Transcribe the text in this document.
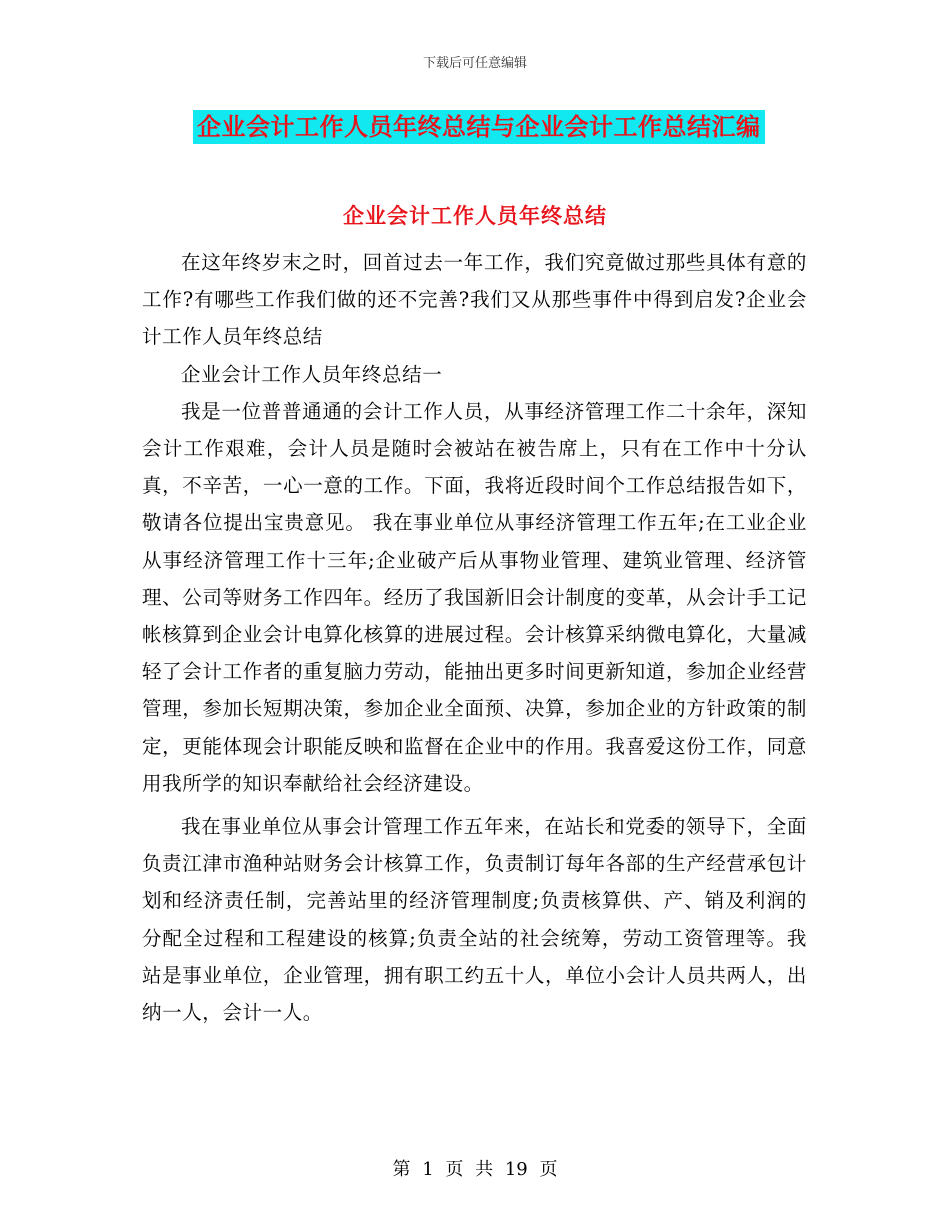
下载后可任意编辑
企业会计工作人员年终总结与企业会计工作总结汇编
企业会计工作人员年终总结

在这年终岁末之时，回首过去一年工作，我们究竟做过那些具体有意的工作?有哪些工作我们做的还不完善?我们又从那些事件中得到启发?企业会计工作人员年终总结

企业会计工作人员年终总结一

我是一位普普通通的会计工作人员，从事经济管理工作二十余年，深知会计工作艰难，会计人员是随时会被站在被告席上，只有在工作中十分认真，不辛苦，一心一意的工作。下面，我将近段时间个工作总结报告如下，敬请各位提出宝贵意见。 我在事业单位从事经济管理工作五年;在工业企业从事经济管理工作十三年;企业破产后从事物业管理、建筑业管理、经济管理、公司等财务工作四年。经历了我国新旧会计制度的变革，从会计手工记帐核算到企业会计电算化核算的进展过程。会计核算采纳微电算化，大量减轻了会计工作者的重复脑力劳动，能抽出更多时间更新知道，参加企业经营管理，参加长短期决策，参加企业全面预、决算，参加企业的方针政策的制定，更能体现会计职能反映和监督在企业中的作用。我喜爱这份工作，同意用我所学的知识奉献给社会经济建设。

我在事业单位从事会计管理工作五年来，在站长和党委的领导下，全面负责江津市渔种站财务会计核算工作，负责制订每年各部的生产经营承包计划和经济责任制，完善站里的经济管理制度;负责核算供、产、销及利润的分配全过程和工程建设的核算;负责全站的社会统筹，劳动工资管理等。我站是事业单位，企业管理，拥有职工约五十人，单位小会计人员共两人，出纳一人，会计一人。

第 1 页 共 19 页
